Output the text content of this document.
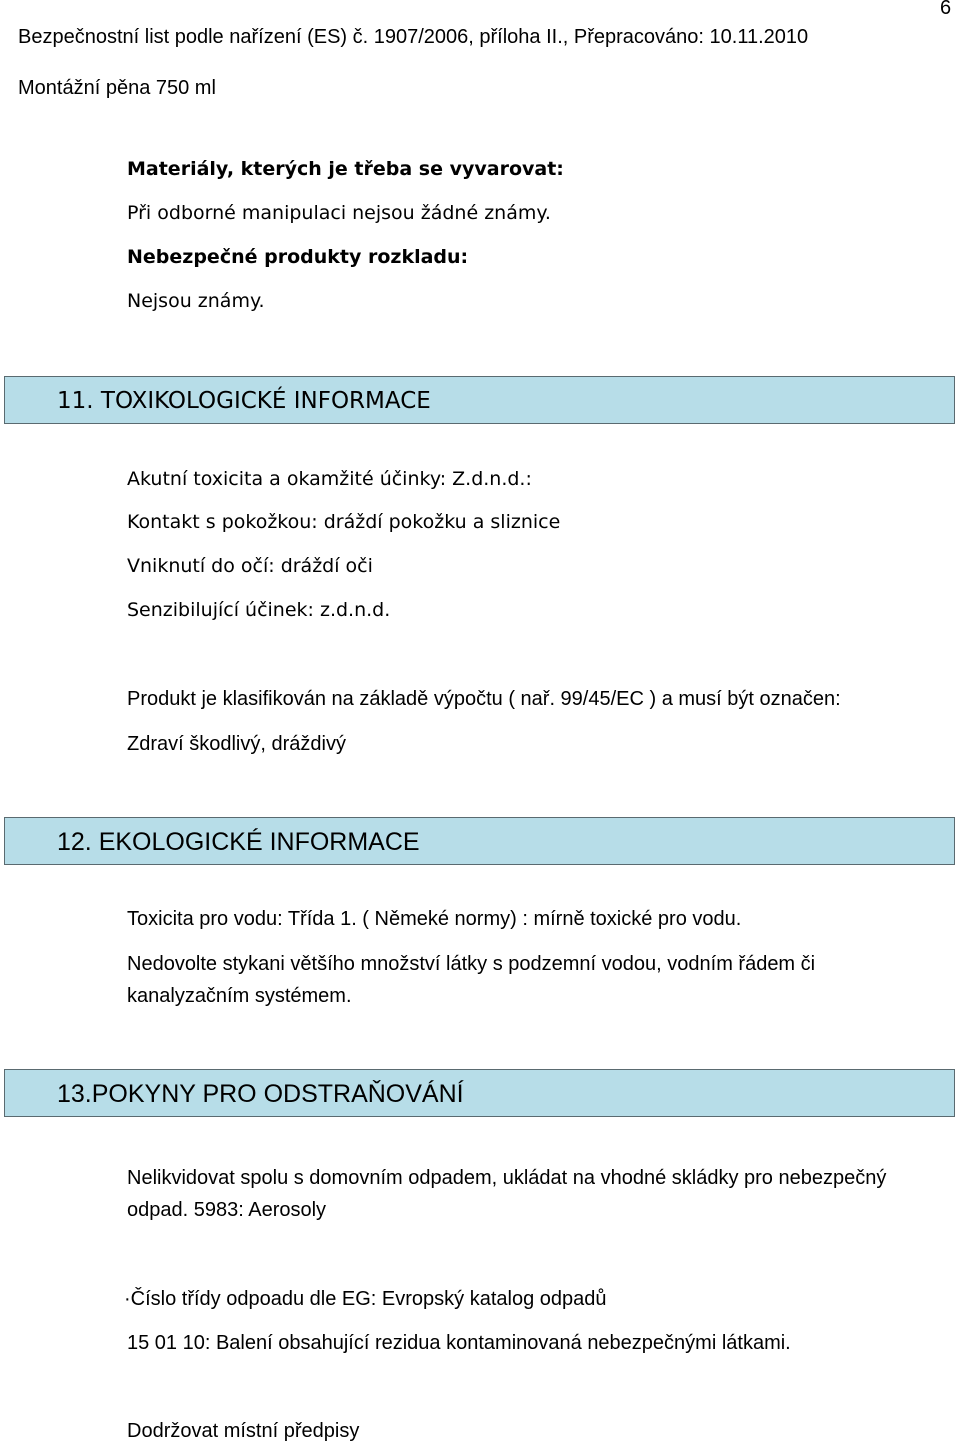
6
Bezpečnostní list podle nařízení (ES) č. 1907/2006, příloha II., Přepracováno: 10.11.2010
Montážní pěna 750 ml
Materiály, kterých je třeba se vyvarovat:
Při odborné manipulaci nejsou žádné známy.
Nebezpečné produkty rozkladu:
Nejsou známy.
11. TOXIKOLOGICKÉ INFORMACE
Akutní toxicita a okamžité účinky: Z.d.n.d.:
Kontakt s pokožkou: dráždí pokožku a sliznice
Vniknutí do očí: dráždí oči
Senzibilující účinek: z.d.n.d.
Produkt je klasifikován na základě výpočtu ( nař. 99/45/EC ) a musí být označen:
Zdraví škodlivý, dráždivý
12. EKOLOGICKÉ INFORMACE
Toxicita pro vodu: Třída 1. ( Němeké normy) : mírně toxické pro vodu.
Nedovolte stykani většího množství látky s podzemní vodou, vodním řádem či
kanalyzačním systémem.
13.POKYNY PRO ODSTRAŇOVÁNÍ
Nelikvidovat spolu s domovním odpadem, ukládat na vhodné skládky pro nebezpečný
odpad. 5983: Aerosoly
·Číslo třídy odpoadu dle EG: Evropský katalog odpadů
15 01 10: Balení obsahující rezidua kontaminovaná nebezpečnými látkami.
Dodržovat místní předpisy
